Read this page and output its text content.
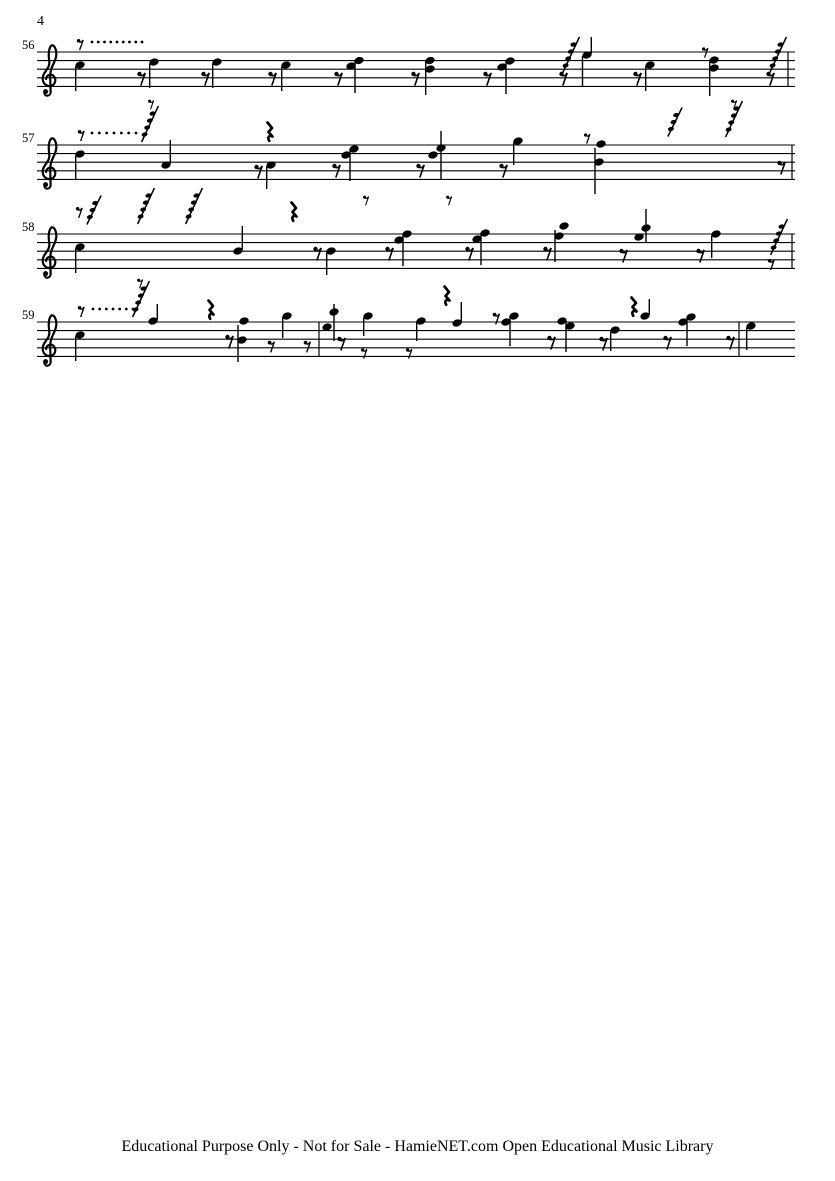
4
56
57
58
59
Educational Purpose Only - Not for Sale - HamieNET.com Open Educational Music Library
